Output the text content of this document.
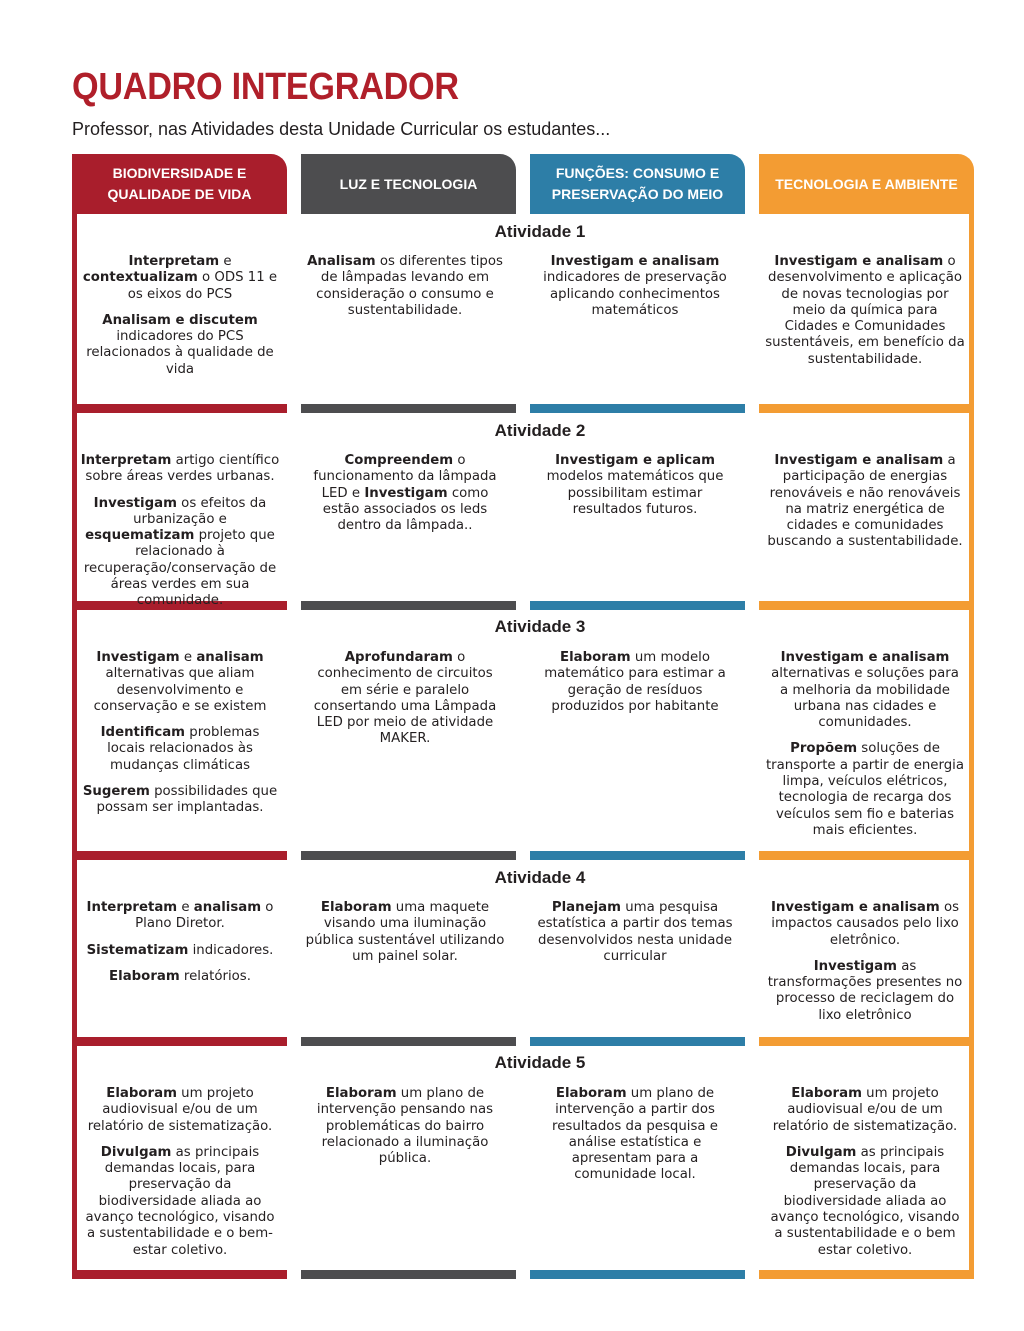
QUADRO INTEGRADOR
Professor, nas Atividades desta Unidade Curricular os estudantes...
BIODIVERSIDADE E QUALIDADE DE VIDA
LUZ E TECNOLOGIA
FUNÇÕES: CONSUMO E PRESERVAÇÃO DO MEIO
TECNOLOGIA E AMBIENTE
Atividade 1

Interpretam e contextualizam o ODS 11 e os eixos do PCS

Analisam e discutem indicadores do PCS relacionados à qualidade de vida

Analisam os diferentes tipos de lâmpadas levando em consideração o consumo e sustentabilidade.

Investigam e analisam indicadores de preservação aplicando conhecimentos matemáticos

Investigam e analisam o desenvolvimento e aplicação de novas tecnologias por meio da química para Cidades e Comunidades sustentáveis, em benefício da sustentabilidade.

Atividade 2

Interpretam artigo científico sobre áreas verdes urbanas.

Investigam os efeitos da urbanização e esquematizam projeto que relacionado à recuperação/conservação de áreas verdes em sua comunidade.

Compreendem o funcionamento da lâmpada LED e Investigam como estão associados os leds dentro da lâmpada..

Investigam e aplicam modelos matemáticos que possibilitam estimar resultados futuros.

Investigam e analisam a participação de energias renováveis e não renováveis na matriz energética de cidades e comunidades buscando a sustentabilidade.

Atividade 3

Investigam e analisam alternativas que aliam desenvolvimento e conservação e se existem

Identificam problemas locais relacionados às mudanças climáticas

Sugerem possibilidades que possam ser implantadas.

Aprofundaram o conhecimento de circuitos em série e paralelo consertando uma Lâmpada LED por meio de atividade MAKER.

Elaboram um modelo matemático para estimar a geração de resíduos produzidos por habitante

Investigam e analisam alternativas e soluções para a melhoria da mobilidade urbana nas cidades e comunidades.

Propõem soluções de transporte a partir de energia limpa, veículos elétricos, tecnologia de recarga dos veículos sem fio e baterias mais eficientes.

Atividade 4

Interpretam e analisam o Plano Diretor.

Sistematizam indicadores.

Elaboram relatórios.

Elaboram uma maquete visando uma iluminação pública sustentável utilizando um painel solar.

Planejam uma pesquisa estatística a partir dos temas desenvolvidos nesta unidade curricular

Investigam e analisam os impactos causados pelo lixo eletrônico.

Investigam as transformações presentes no processo de reciclagem do lixo eletrônico

Atividade 5

Elaboram um projeto audiovisual e/ou de um relatório de sistematização.

Divulgam as principais demandas locais, para preservação da biodiversidade aliada ao avanço tecnológico, visando a sustentabilidade e o bem-estar coletivo.

Elaboram um plano de intervenção pensando nas problemáticas do bairro relacionado a iluminação pública.

Elaboram um plano de intervenção a partir dos resultados da pesquisa e análise estatística e apresentam para a comunidade local.

Elaboram um projeto audiovisual e/ou de um relatório de sistematização.

Divulgam as principais demandas locais, para preservação da biodiversidade aliada ao avanço tecnológico, visando a sustentabilidade e o bem estar coletivo.
